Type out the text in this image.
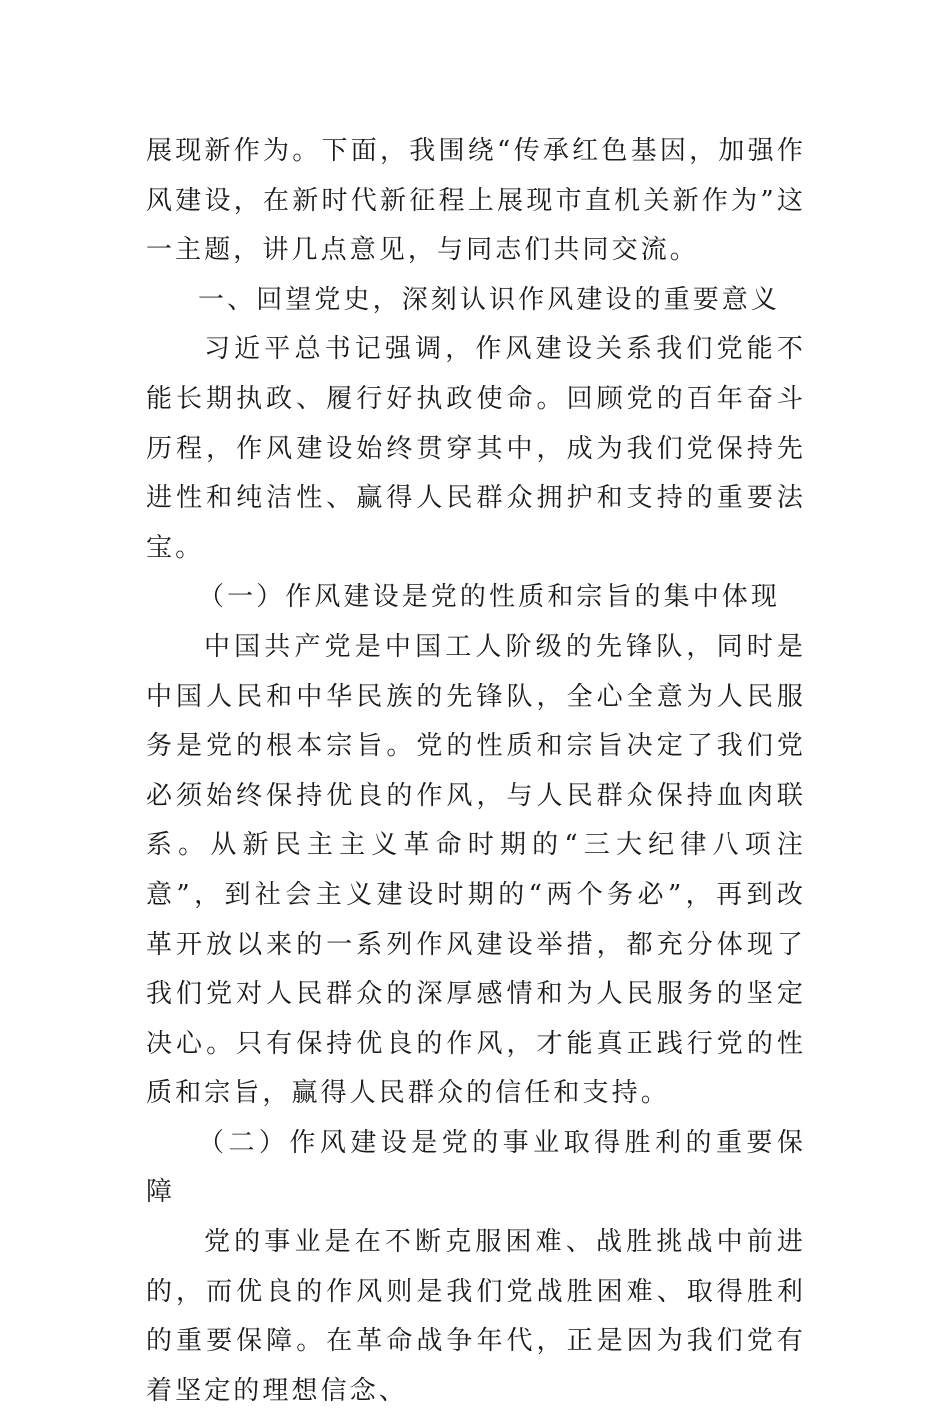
展现新作为。下面，我围绕“传承红色基因，加强作风建设，在新时代新征程上展现市直机关新作为”这一主题，讲几点意见，与同志们共同交流。

一、回望党史，深刻认识作风建设的重要意义

习近平总书记强调，作风建设关系我们党能不能长期执政、履行好执政使命。回顾党的百年奋斗历程，作风建设始终贯穿其中，成为我们党保持先进性和纯洁性、赢得人民群众拥护和支持的重要法宝。

（一）作风建设是党的性质和宗旨的集中体现

中国共产党是中国工人阶级的先锋队，同时是中国人民和中华民族的先锋队，全心全意为人民服务是党的根本宗旨。党的性质和宗旨决定了我们党必须始终保持优良的作风，与人民群众保持血肉联系。从新民主主义革命时期的“三大纪律八项注意”，到社会主义建设时期的“两个务必”，再到改革开放以来的一系列作风建设举措，都充分体现了我们党对人民群众的深厚感情和为人民服务的坚定决心。只有保持优良的作风，才能真正践行党的性质和宗旨，赢得人民群众的信任和支持。

（二）作风建设是党的事业取得胜利的重要保障

党的事业是在不断克服困难、战胜挑战中前进的，而优良的作风则是我们党战胜困难、取得胜利的重要保障。在革命战争年代，正是因为我们党有着坚定的理想信念、
